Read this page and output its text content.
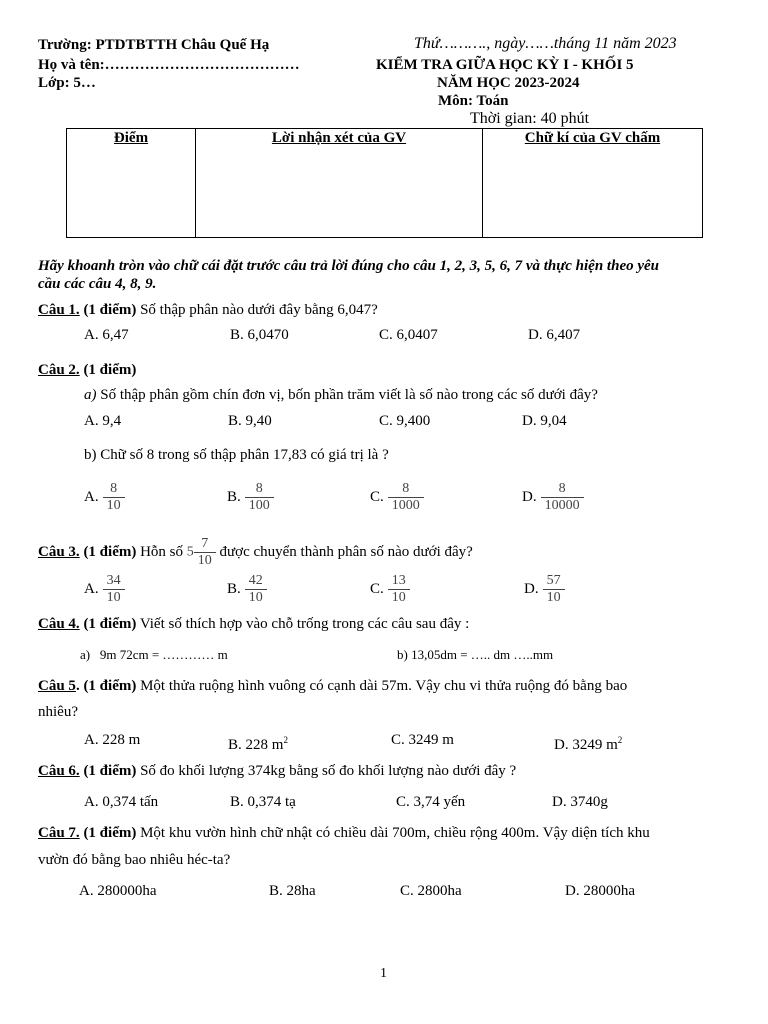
Trường: PTDTBTTH Châu Quế Hạ	Thứ………., ngày……tháng 11 năm 2023
Họ và tên:…………………………………	KIỂM TRA GIỮA HỌC KỲ I - KHỐI 5
Lớp: 5…	NĂM HỌC 2023-2024
Môn: Toán
Thời gian: 40 phút
Điểm	Lời nhận xét của GV	Chữ kí của GV chấm
Hãy khoanh tròn vào chữ cái đặt trước câu trả lời đúng cho câu 1, 2, 3, 5, 6, 7 và thực hiện theo yêu
cầu các câu 4, 8, 9.
Câu 1. (1 điểm) Số thập phân nào dưới đây bằng 6,047?
A. 6,47	B. 6,0470	C. 6,0407	D. 6,407
Câu 2. (1 điểm)
a) Số thập phân gồm chín đơn vị, bốn phần trăm viết là số nào trong các số dưới đây?
A. 9,4	B. 9,40	C. 9,400	D. 9,04
b) Chữ số 8 trong số thập phân 17,83 có giá trị là ?
A. $\frac{8}{10}$	B. $\frac{8}{100}$	C. $\frac{8}{1000}$	D. $\frac{8}{10000}$
Câu 3. (1 điểm) Hỗn số $5 \frac{7}{10}$ được chuyển thành phân số nào dưới đây?
A. $\frac{34}{10}$	B. $\frac{42}{10}$	C. $\frac{13}{10}$	D. $\frac{57}{10}$
Câu 4. (1 điểm) Viết số thích hợp vào chỗ trống trong các câu sau đây :
a) 9m 72cm = ………… m	b) 13,05dm = ….. dm …..mm
Câu 5. (1 điểm) Một thửa ruộng hình vuông có cạnh dài 57m. Vậy chu vi thửa ruộng đó bằng bao
nhiêu?
A. 228 m	B. 228 $m^2$	C. 3249 m	D. 3249 $m^2$
Câu 6. (1 điểm) Số đo khối lượng 374kg bằng số đo khối lượng nào dưới đây ?
A. 0,374 tấn	B. 0,374 tạ	C. 3,74 yến	D. 3740g
Câu 7. (1 điểm) Một khu vườn hình chữ nhật có chiều dài 700m, chiều rộng 400m. Vậy diện tích khu
vườn đó bằng bao nhiêu héc-ta?
A. 280000ha	B. 28ha	C. 2800ha	D. 28000ha
1
